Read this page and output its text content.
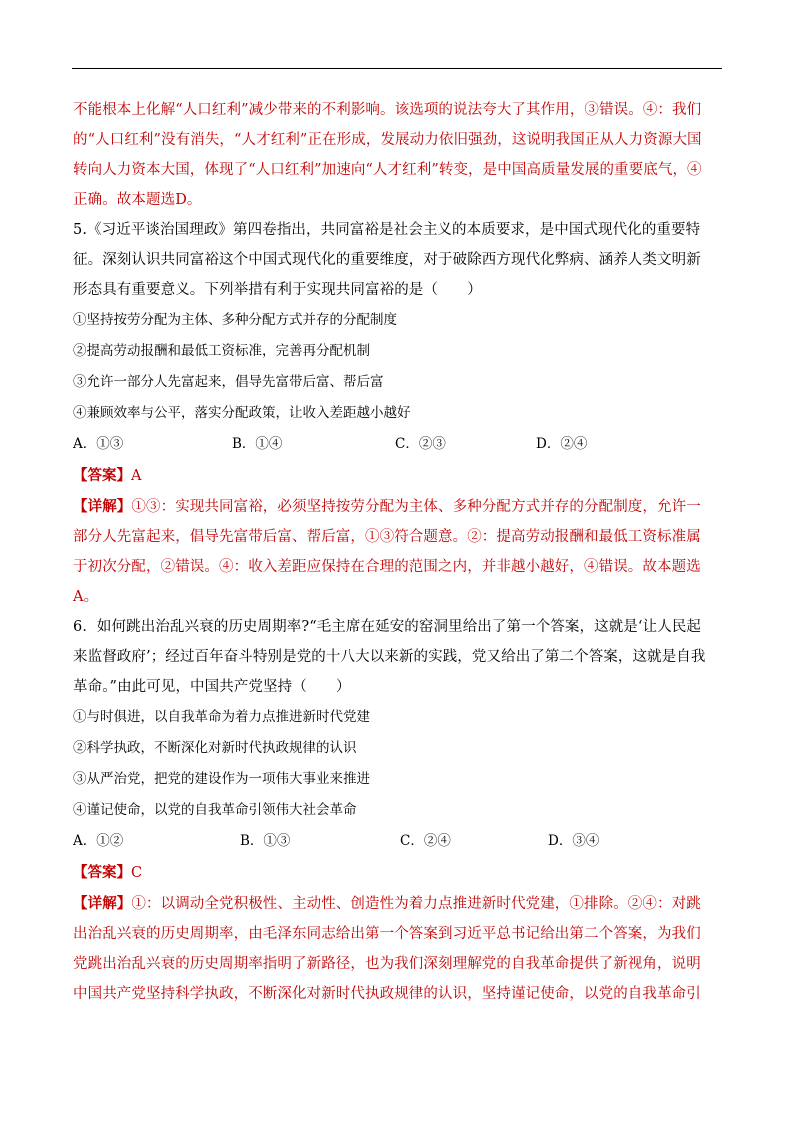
不能根本上化解“人口红利”减少带来的不利影响。该选项的说法夸大了其作用，③错误。④：我们

的“人口红利”没有消失，“人才红利”正在形成，发展动力依旧强劲，这说明我国正从人力资源大国

转向人力资本大国，体现了“人口红利”加速向“人才红利”转变，是中国高质量发展的重要底气，④

正确。故本题选D。

5.《习近平谈治国理政》第四卷指出，共同富裕是社会主义的本质要求，是中国式现代化的重要特

征。深刻认识共同富裕这个中国式现代化的重要维度，对于破除西方现代化弊病、涵养人类文明新

形态具有重要意义。下列举措有利于实现共同富裕的是（　　）

①坚持按劳分配为主体、多种分配方式并存的分配制度

②提高劳动报酬和最低工资标准，完善再分配机制

③允许一部分人先富起来，倡导先富带后富、帮后富

④兼顾效率与公平，落实分配政策，让收入差距越小越好

A．①③	B．①④	C．②③	D．②④

【答案】A

【详解】①③：实现共同富裕，必须坚持按劳分配为主体、多种分配方式并存的分配制度，允许一

部分人先富起来，倡导先富带后富、帮后富，①③符合题意。②：提高劳动报酬和最低工资标准属

于初次分配，②错误。④：收入差距应保持在合理的范围之内，并非越小越好，④错误。故本题选

A。

6．如何跳出治乱兴衰的历史周期率?“毛主席在延安的窑洞里给出了第一个答案，这就是‘让人民起

来监督政府’；经过百年奋斗特别是党的十八大以来新的实践，党又给出了第二个答案，这就是自我

革命。”由此可见，中国共产党坚持（　　）

①与时俱进，以自我革命为着力点推进新时代党建

②科学执政，不断深化对新时代执政规律的认识

③从严治党，把党的建设作为一项伟大事业来推进

④谨记使命，以党的自我革命引领伟大社会革命

A．①②	B．①③	C．②④	D．③④

【答案】C

【详解】①：以调动全党积极性、主动性、创造性为着力点推进新时代党建，①排除。②④：对跳

出治乱兴衰的历史周期率，由毛泽东同志给出第一个答案到习近平总书记给出第二个答案，为我们

党跳出治乱兴衰的历史周期率指明了新路径，也为我们深刻理解党的自我革命提供了新视角，说明

中国共产党坚持科学执政，不断深化对新时代执政规律的认识，坚持谨记使命，以党的自我革命引
